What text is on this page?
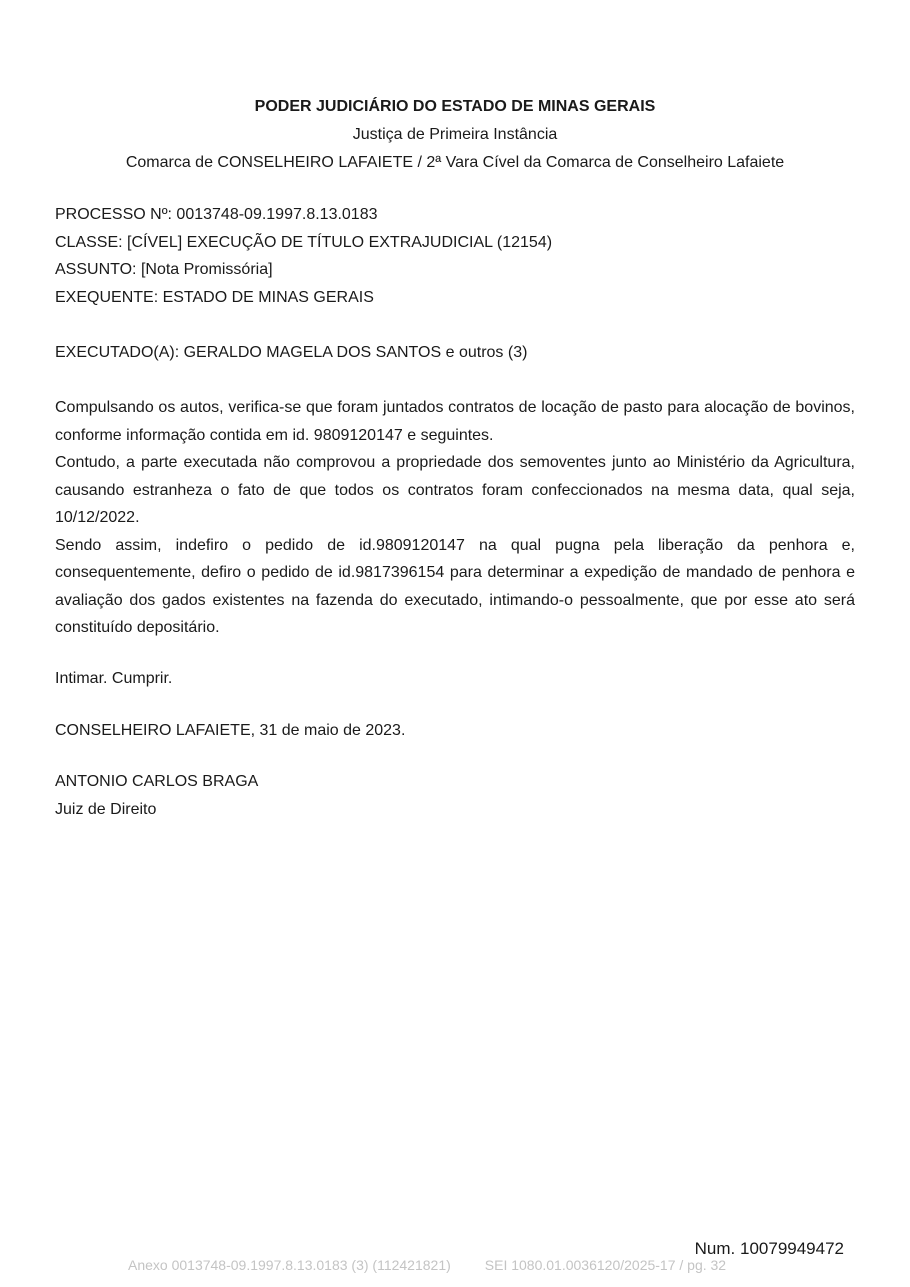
PODER JUDICIÁRIO DO ESTADO DE MINAS GERAIS
Justiça de Primeira Instância
Comarca de CONSELHEIRO LAFAIETE / 2ª Vara Cível da Comarca de Conselheiro Lafaiete
PROCESSO Nº: 0013748-09.1997.8.13.0183
CLASSE: [CÍVEL] EXECUÇÃO DE TÍTULO EXTRAJUDICIAL (12154)
ASSUNTO: [Nota Promissória]
EXEQUENTE: ESTADO DE MINAS GERAIS
EXECUTADO(A): GERALDO MAGELA DOS SANTOS e outros (3)

Compulsando os autos, verifica-se que foram juntados contratos de locação de pasto para alocação de bovinos, conforme informação contida em id. 9809120147 e seguintes.

Contudo, a parte executada não comprovou a propriedade dos semoventes junto ao Ministério da Agricultura, causando estranheza o fato de que todos os contratos foram confeccionados na mesma data, qual seja, 10/12/2022.

Sendo assim, indefiro o pedido de id.9809120147 na qual pugna pela liberação da penhora e, consequentemente, defiro o pedido de id.9817396154 para determinar a expedição de mandado de penhora e avaliação dos gados existentes na fazenda do executado, intimando-o pessoalmente, que por esse ato será constituído depositário.

Intimar. Cumprir.
CONSELHEIRO LAFAIETE, 31 de maio de 2023.
ANTONIO CARLOS BRAGA
Juiz de Direito
Num. 10079949472
Anexo 0013748-09.1997.8.13.0183 (3) (112421821) SEI 1080.01.0036120/2025-17 / pg. 32
